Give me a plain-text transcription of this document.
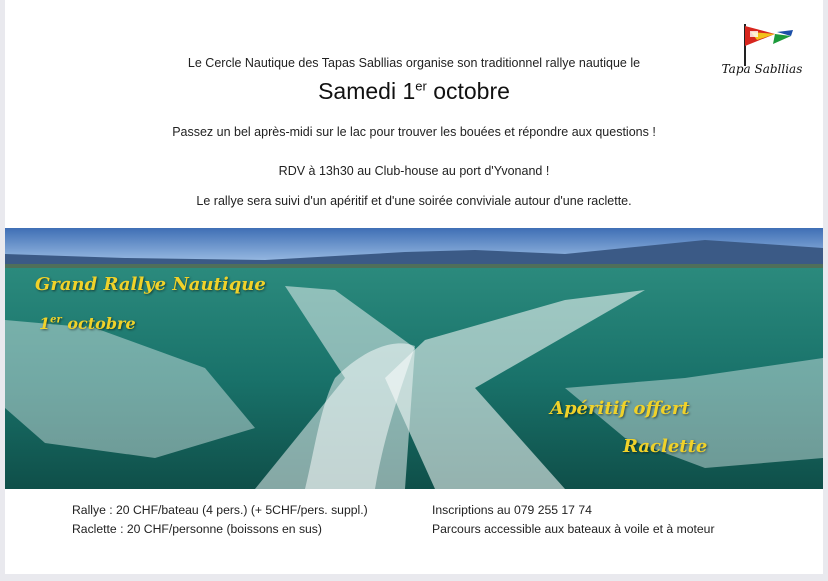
Tapa Sabllias
Le Cercle Nautique des Tapas Sabllias organise son traditionnel rallye nautique le
Samedi 1er octobre
Passez un bel après-midi sur le lac pour trouver les bouées et répondre aux questions !
RDV à 13h30 au Club-house au port d'Yvonand !
Le rallye sera suivi d'un apéritif et d'une soirée conviviale autour d'une raclette.
Grand Rallye Nautique
1er octobre
Apéritif offert
Raclette
Rallye : 20 CHF/bateau (4 pers.) (+ 5CHF/pers. suppl.)
Raclette : 20 CHF/personne (boissons en sus)
Inscriptions au 079 255 17 74
Parcours accessible aux bateaux à voile et à moteur
